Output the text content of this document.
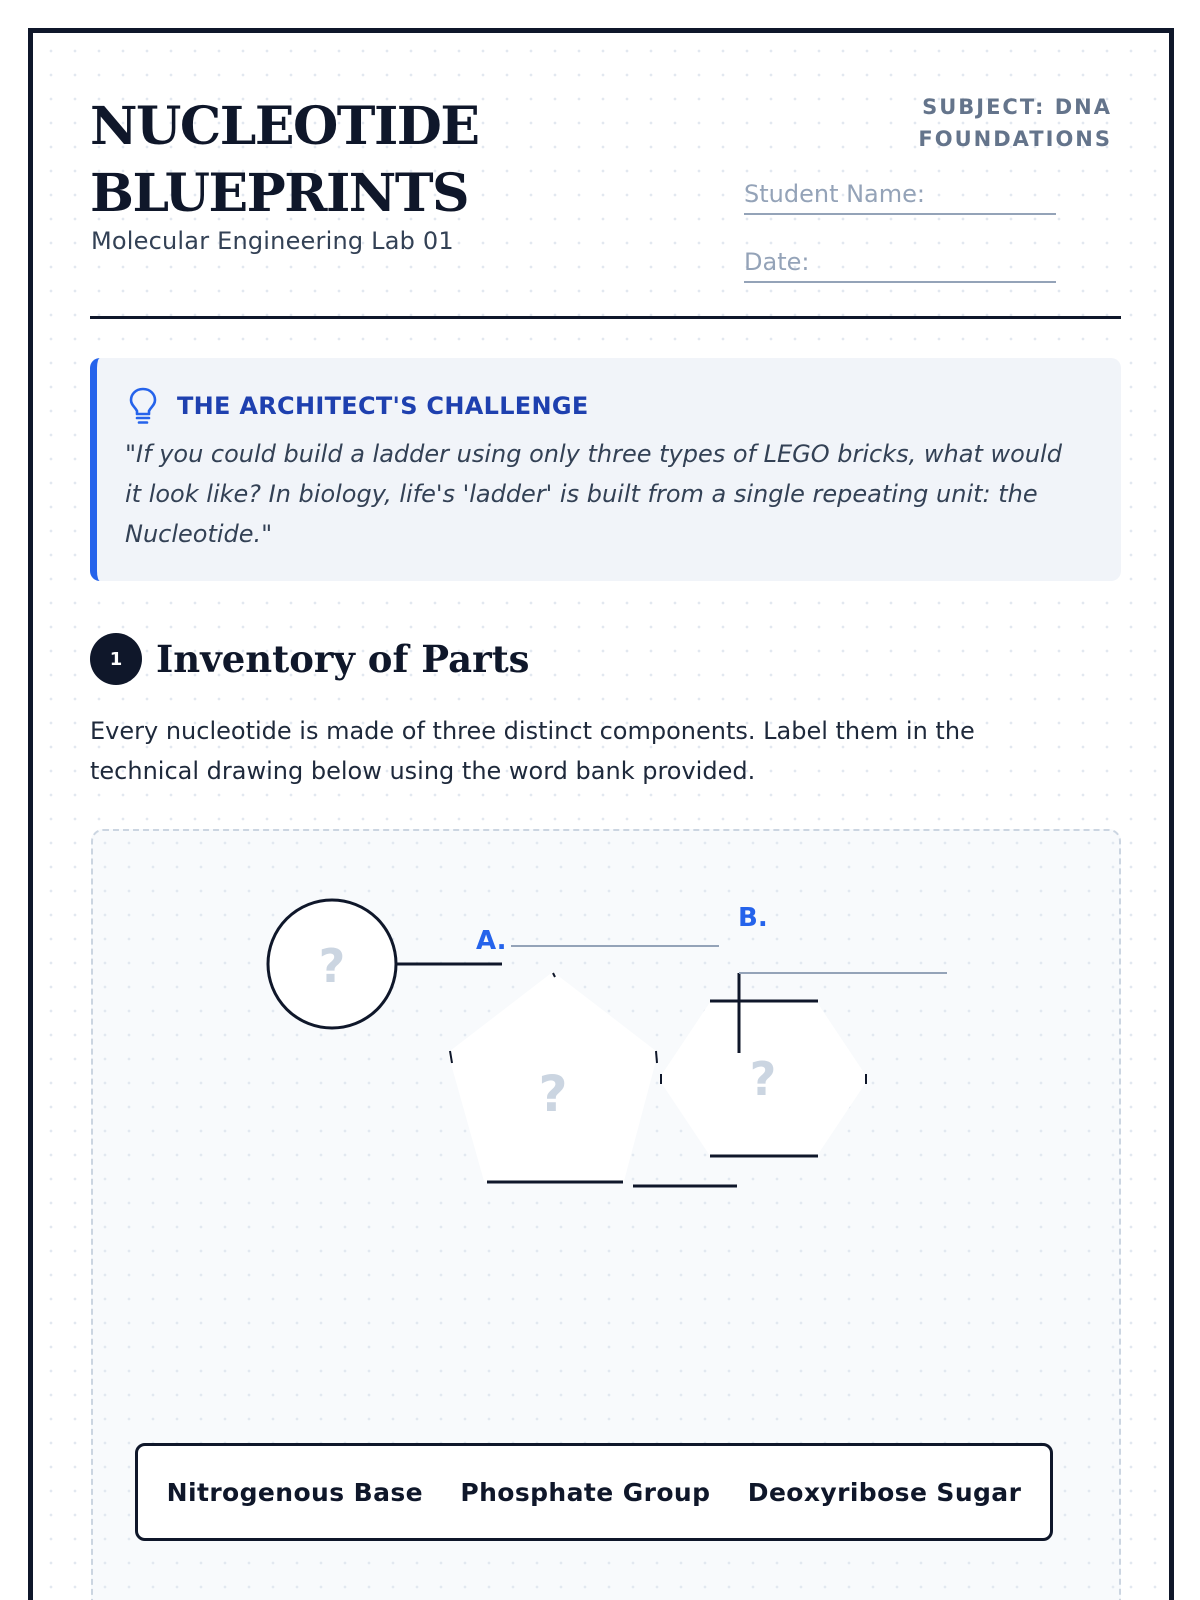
NUCLEOTIDE BLUEPRINTS
Molecular Engineering Lab 01
SUBJECT: DNA FOUNDATIONS
Student Name:
Date:
THE ARCHITECT'S CHALLENGE
"If you could build a ladder using only three types of LEGO bricks, what would it look like? In biology, life's 'ladder' is built from a single repeating unit: the Nucleotide."
1 Inventory of Parts
Every nucleotide is made of three distinct components. Label them in the technical drawing below using the word bank provided.
?	A.
?	?
B.
Nitrogenous Base Phosphate Group Deoxyribose Sugar
